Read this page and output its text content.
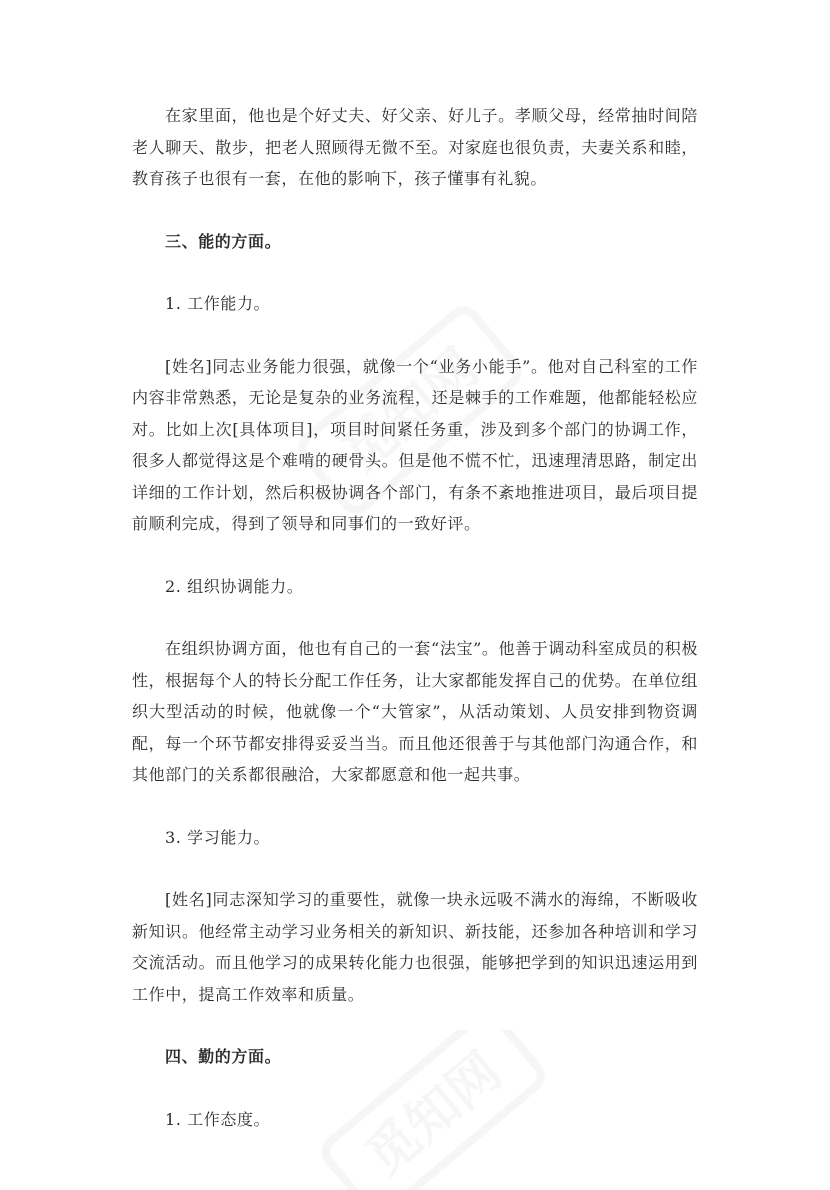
觅知网
觅知网

在家里面，他也是个好丈夫、好父亲、好儿子。孝顺父母，经常抽时间陪老人聊天、散步，把老人照顾得无微不至。对家庭也很负责，夫妻关系和睦，教育孩子也很有一套，在他的影响下，孩子懂事有礼貌。

三、能的方面。

1. 工作能力。

[姓名]同志业务能力很强，就像一个“业务小能手”。他对自己科室的工作内容非常熟悉，无论是复杂的业务流程，还是棘手的工作难题，他都能轻松应对。比如上次[具体项目]，项目时间紧任务重，涉及到多个部门的协调工作，很多人都觉得这是个难啃的硬骨头。但是他不慌不忙，迅速理清思路，制定出详细的工作计划，然后积极协调各个部门，有条不紊地推进项目，最后项目提前顺利完成，得到了领导和同事们的一致好评。

2. 组织协调能力。

在组织协调方面，他也有自己的一套“法宝”。他善于调动科室成员的积极性，根据每个人的特长分配工作任务，让大家都能发挥自己的优势。在单位组织大型活动的时候，他就像一个“大管家”，从活动策划、人员安排到物资调配，每一个环节都安排得妥妥当当。而且他还很善于与其他部门沟通合作，和其他部门的关系都很融洽，大家都愿意和他一起共事。

3. 学习能力。

[姓名]同志深知学习的重要性，就像一块永远吸不满水的海绵，不断吸收新知识。他经常主动学习业务相关的新知识、新技能，还参加各种培训和学习交流活动。而且他学习的成果转化能力也很强，能够把学到的知识迅速运用到工作中，提高工作效率和质量。

四、勤的方面。

1. 工作态度。
